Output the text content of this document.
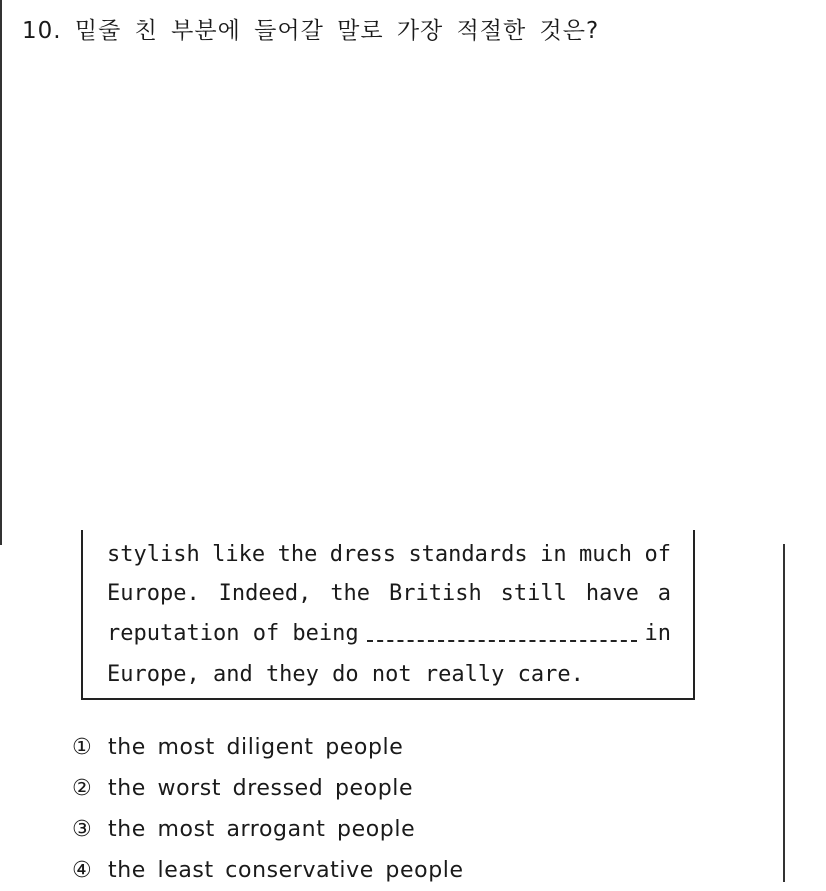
10. 밑줄 친 부분에 들어갈 말로 가장 적절한 것은?
stylish like the dress standards in much of
Europe. Indeed, the British still have a
reputation of being	in
Europe, and they do not really care.
① the most diligent people
② the worst dressed people
③ the most arrogant people
④ the least conservative people
